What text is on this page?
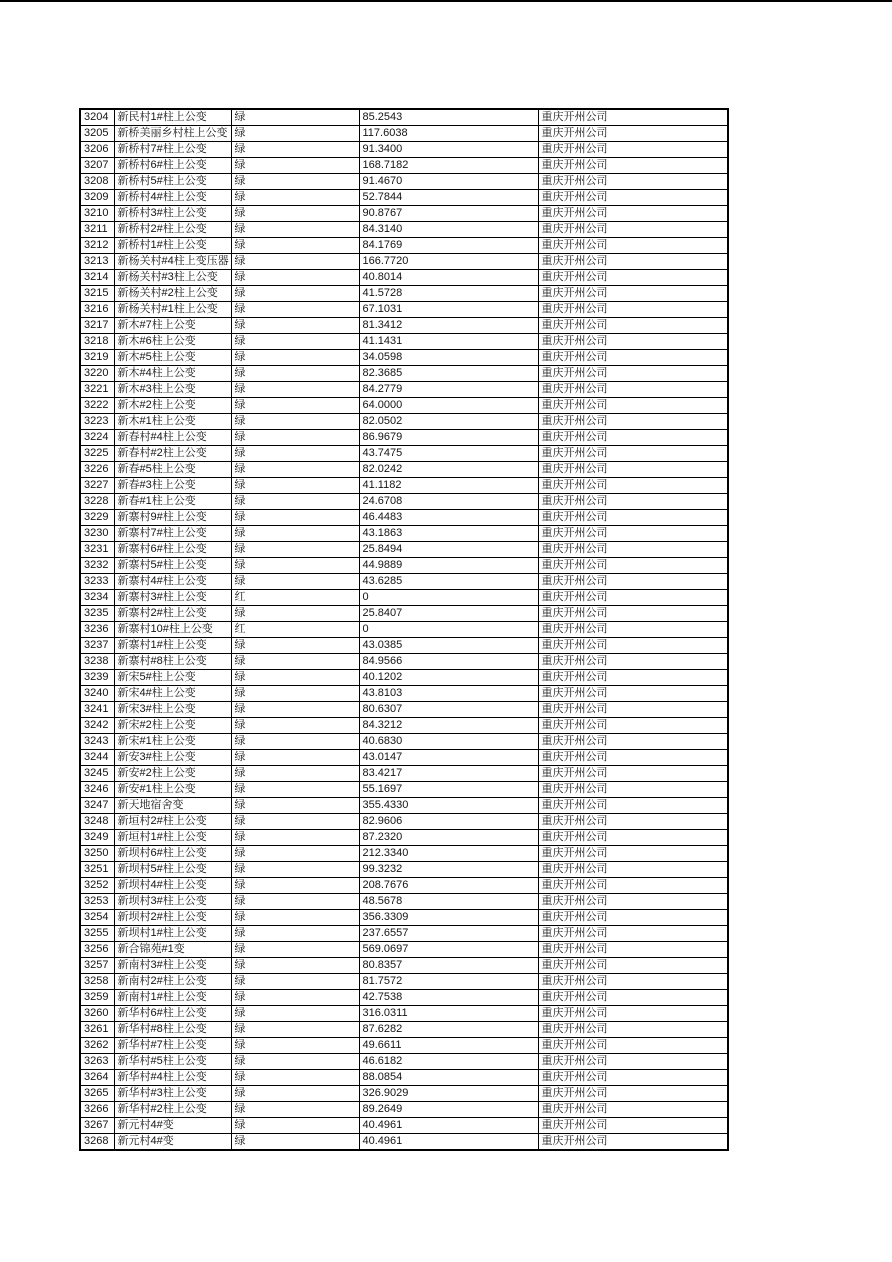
3204	新民村1#柱上公变	绿	85.2543	重庆开州公司
3205	新桥美丽乡村柱上公变	绿	117.6038	重庆开州公司
3206	新桥村7#柱上公变	绿	91.3400	重庆开州公司
3207	新桥村6#柱上公变	绿	168.7182	重庆开州公司
3208	新桥村5#柱上公变	绿	91.4670	重庆开州公司
3209	新桥村4#柱上公变	绿	52.7844	重庆开州公司
3210	新桥村3#柱上公变	绿	90.8767	重庆开州公司
3211	新桥村2#柱上公变	绿	84.3140	重庆开州公司
3212	新桥村1#柱上公变	绿	84.1769	重庆开州公司
3213	新杨关村#4柱上变压器	绿	166.7720	重庆开州公司
3214	新杨关村#3柱上公变	绿	40.8014	重庆开州公司
3215	新杨关村#2柱上公变	绿	41.5728	重庆开州公司
3216	新杨关村#1柱上公变	绿	67.1031	重庆开州公司
3217	新木#7柱上公变	绿	81.3412	重庆开州公司
3218	新木#6柱上公变	绿	41.1431	重庆开州公司
3219	新木#5柱上公变	绿	34.0598	重庆开州公司
3220	新木#4柱上公变	绿	82.3685	重庆开州公司
3221	新木#3柱上公变	绿	84.2779	重庆开州公司
3222	新木#2柱上公变	绿	64.0000	重庆开州公司
3223	新木#1柱上公变	绿	82.0502	重庆开州公司
3224	新春村#4柱上公变	绿	86.9679	重庆开州公司
3225	新春村#2柱上公变	绿	43.7475	重庆开州公司
3226	新春#5柱上公变	绿	82.0242	重庆开州公司
3227	新春#3柱上公变	绿	41.1182	重庆开州公司
3228	新春#1柱上公变	绿	24.6708	重庆开州公司
3229	新寨村9#柱上公变	绿	46.4483	重庆开州公司
3230	新寨村7#柱上公变	绿	43.1863	重庆开州公司
3231	新寨村6#柱上公变	绿	25.8494	重庆开州公司
3232	新寨村5#柱上公变	绿	44.9889	重庆开州公司
3233	新寨村4#柱上公变	绿	43.6285	重庆开州公司
3234	新寨村3#柱上公变	红	0	重庆开州公司
3235	新寨村2#柱上公变	绿	25.8407	重庆开州公司
3236	新寨村10#柱上公变	红	0	重庆开州公司
3237	新寨村1#柱上公变	绿	43.0385	重庆开州公司
3238	新寨村#8柱上公变	绿	84.9566	重庆开州公司
3239	新宋5#柱上公变	绿	40.1202	重庆开州公司
3240	新宋4#柱上公变	绿	43.8103	重庆开州公司
3241	新宋3#柱上公变	绿	80.6307	重庆开州公司
3242	新宋#2柱上公变	绿	84.3212	重庆开州公司
3243	新宋#1柱上公变	绿	40.6830	重庆开州公司
3244	新安3#柱上公变	绿	43.0147	重庆开州公司
3245	新安#2柱上公变	绿	83.4217	重庆开州公司
3246	新安#1柱上公变	绿	55.1697	重庆开州公司
3247	新天地宿舍变	绿	355.4330	重庆开州公司
3248	新垣村2#柱上公变	绿	82.9606	重庆开州公司
3249	新垣村1#柱上公变	绿	87.2320	重庆开州公司
3250	新坝村6#柱上公变	绿	212.3340	重庆开州公司
3251	新坝村5#柱上公变	绿	99.3232	重庆开州公司
3252	新坝村4#柱上公变	绿	208.7676	重庆开州公司
3253	新坝村3#柱上公变	绿	48.5678	重庆开州公司
3254	新坝村2#柱上公变	绿	356.3309	重庆开州公司
3255	新坝村1#柱上公变	绿	237.6557	重庆开州公司
3256	新合锦苑#1变	绿	569.0697	重庆开州公司
3257	新南村3#柱上公变	绿	80.8357	重庆开州公司
3258	新南村2#柱上公变	绿	81.7572	重庆开州公司
3259	新南村1#柱上公变	绿	42.7538	重庆开州公司
3260	新华村6#柱上公变	绿	316.0311	重庆开州公司
3261	新华村#8柱上公变	绿	87.6282	重庆开州公司
3262	新华村#7柱上公变	绿	49.6611	重庆开州公司
3263	新华村#5柱上公变	绿	46.6182	重庆开州公司
3264	新华村#4柱上公变	绿	88.0854	重庆开州公司
3265	新华村#3柱上公变	绿	326.9029	重庆开州公司
3266	新华村#2柱上公变	绿	89.2649	重庆开州公司
3267	新元村4#变	绿	40.4961	重庆开州公司
3268	新元村4#变	绿	40.4961	重庆开州公司
